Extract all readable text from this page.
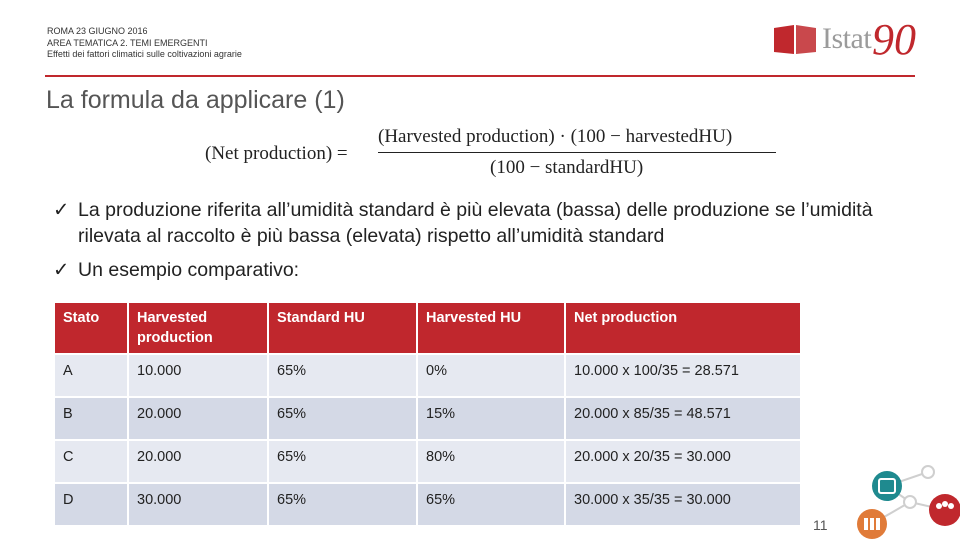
ROMA 23 GIUGNO 2016
AREA TEMATICA 2. TEMI EMERGENTI
Effetti dei fattori climatici sulle coltivazioni agrarie	Istat 90
La formula da applicare (1)
(Net production) =
(Harvested production) · (100 − harvestedHU)
(100 − standardHU)
✓ La produzione riferita all’umidità standard è più elevata (bassa) delle produzione se l’umidità rilevata al raccolto è più bassa (elevata) rispetto all’umidità standard
✓ Un esempio comparativo:
Stato	Harvested production	Standard HU	Harvested HU	Net production
A	10.000	65%	0%	10.000 x 100/35 = 28.571
B	20.000	65%	15%	20.000 x 85/35 = 48.571
C	20.000	65%	80%	20.000 x 20/35 = 30.000
D	30.000	65%	65%	30.000 x 35/35 = 30.000
11
